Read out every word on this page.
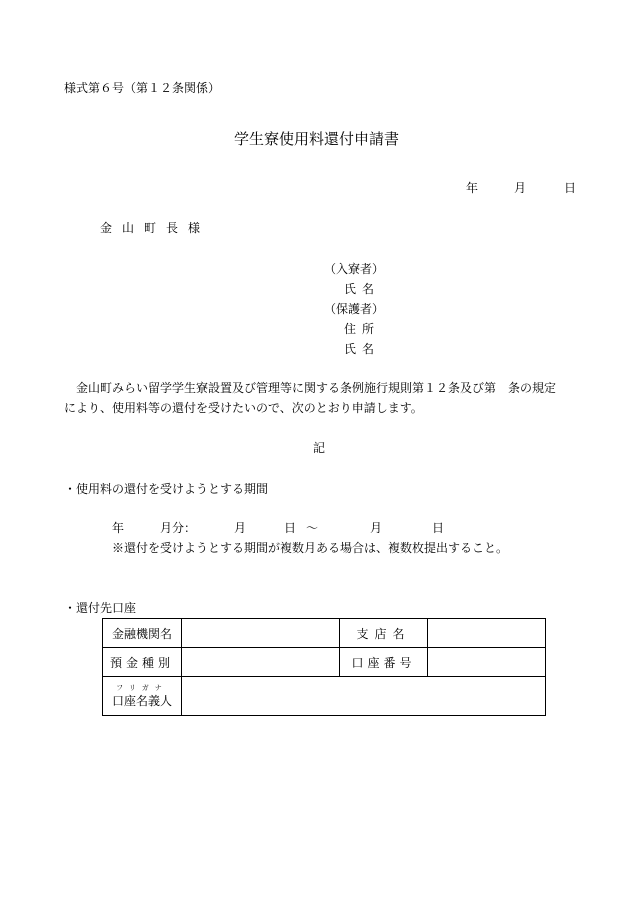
様式第６号（第１２条関係）
学生寮使用料還付申請書
年	月	日
金山町長様
（入寮者）
氏名
（保護者）
住所
氏名
金山町みらい留学学生寮設置及び管理等に関する条例施行規則第１２条及び第　条の規定
により、使用料等の還付を受けたいので、次のとおり申請します。
記
・使用料の還付を受けようとする期間
年	月分：	月	日 ～	月	日
※還付を受けようとする期間が複数月ある場合は、複数枚提出すること。
・還付先口座
金融機関名		支店名	
預金種別		口座番号	

フリガナ
口座名義人			
